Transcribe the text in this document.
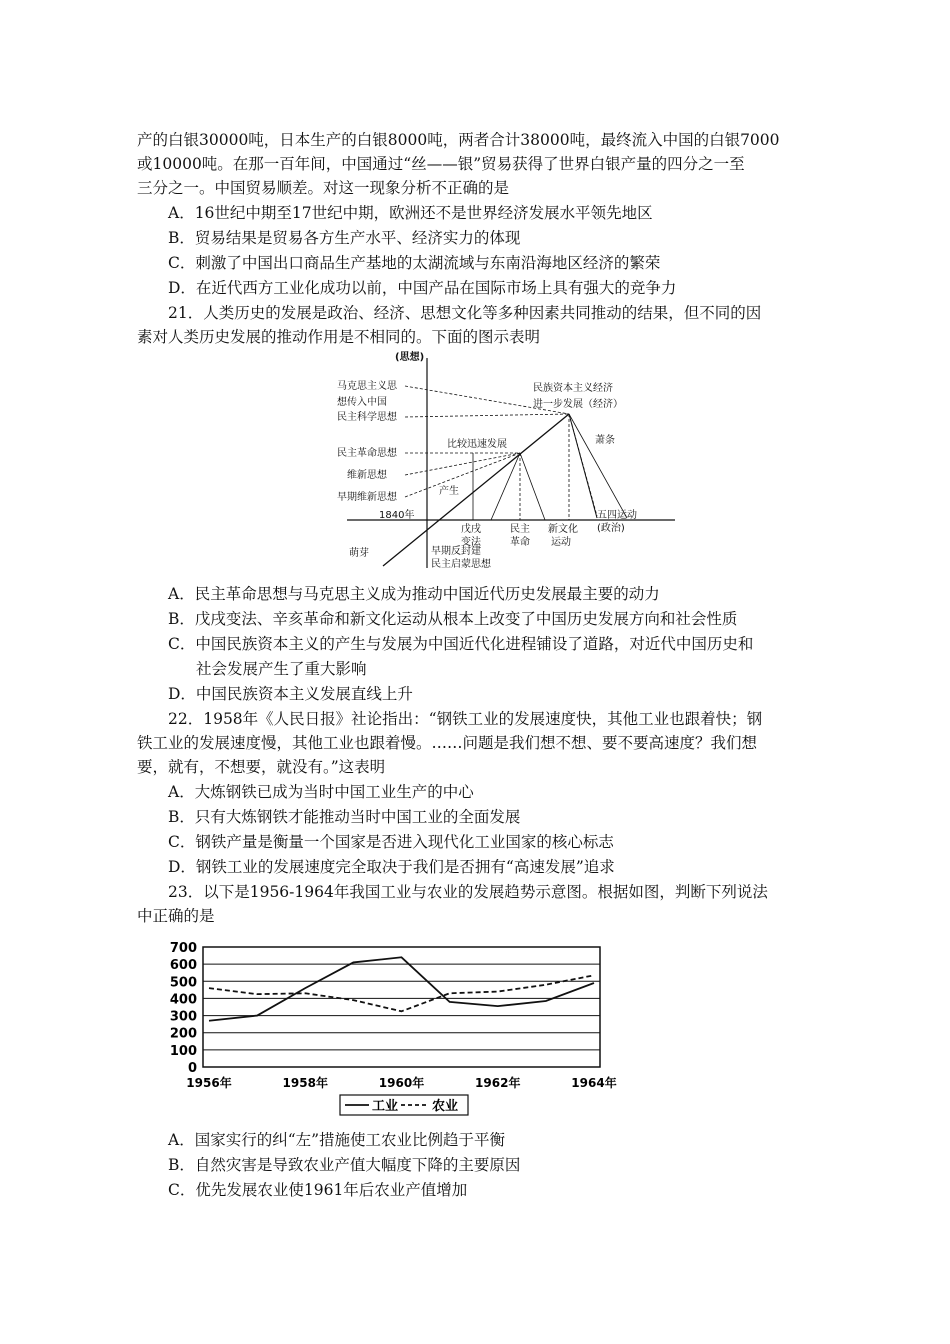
产的白银30000吨，日本生产的白银8000吨，两者合计38000吨，最终流入中国的白银7000
或10000吨。在那一百年间，中国通过“丝——银”贸易获得了世界白银产量的四分之一至
三分之一。中国贸易顺差。对这一现象分析不正确的是
A．16世纪中期至17世纪中期，欧洲还不是世界经济发展水平领先地区
B．贸易结果是贸易各方生产水平、经济实力的体现
C．刺激了中国出口商品生产基地的太湖流域与东南沿海地区经济的繁荣
D．在近代西方工业化成功以前，中国产品在国际市场上具有强大的竞争力
21．人类历史的发展是政治、经济、思想文化等多种因素共同推动的结果，但不同的因
素对人类历史发展的推动作用是不相同的。下面的图示表明
(思想)
马克思主义思
想传入中国
民主科学思想
民主革命思想
维新思想
早期维新思想
1840年
民族资本主义经济
进一步发展（经济）
比较迅速发展	萧条
产生
萌芽
戊戌
变法
民主
革命
新文化
运动
五四运动
(政治)
早期反封建
民主启蒙思想
A．民主革命思想与马克思主义成为推动中国近代历史发展最主要的动力
B．戊戌变法、辛亥革命和新文化运动从根本上改变了中国历史发展方向和社会性质
C．中国民族资本主义的产生与发展为中国近代化进程铺设了道路，对近代中国历史和
社会发展产生了重大影响
D．中国民族资本主义发展直线上升
22．1958年《人民日报》社论指出：“钢铁工业的发展速度快，其他工业也跟着快；钢
铁工业的发展速度慢，其他工业也跟着慢。……问题是我们想不想、要不要高速度？我们想
要，就有，不想要，就没有。”这表明
A．大炼钢铁已成为当时中国工业生产的中心
B．只有大炼钢铁才能推动当时中国工业的全面发展
C．钢铁产量是衡量一个国家是否进入现代化工业国家的核心标志
D．钢铁工业的发展速度完全取决于我们是否拥有“高速发展”追求
23．以下是1956-1964年我国工业与农业的发展趋势示意图。根据如图，判断下列说法
中正确的是
700
600
500
400
300
200
100
0
1956年	1958年	1960年	1962年	1964年
工业	农业
A．国家实行的纠“左”措施使工农业比例趋于平衡
B．自然灾害是导致农业产值大幅度下降的主要原因
C．优先发展农业使1961年后农业产值增加
